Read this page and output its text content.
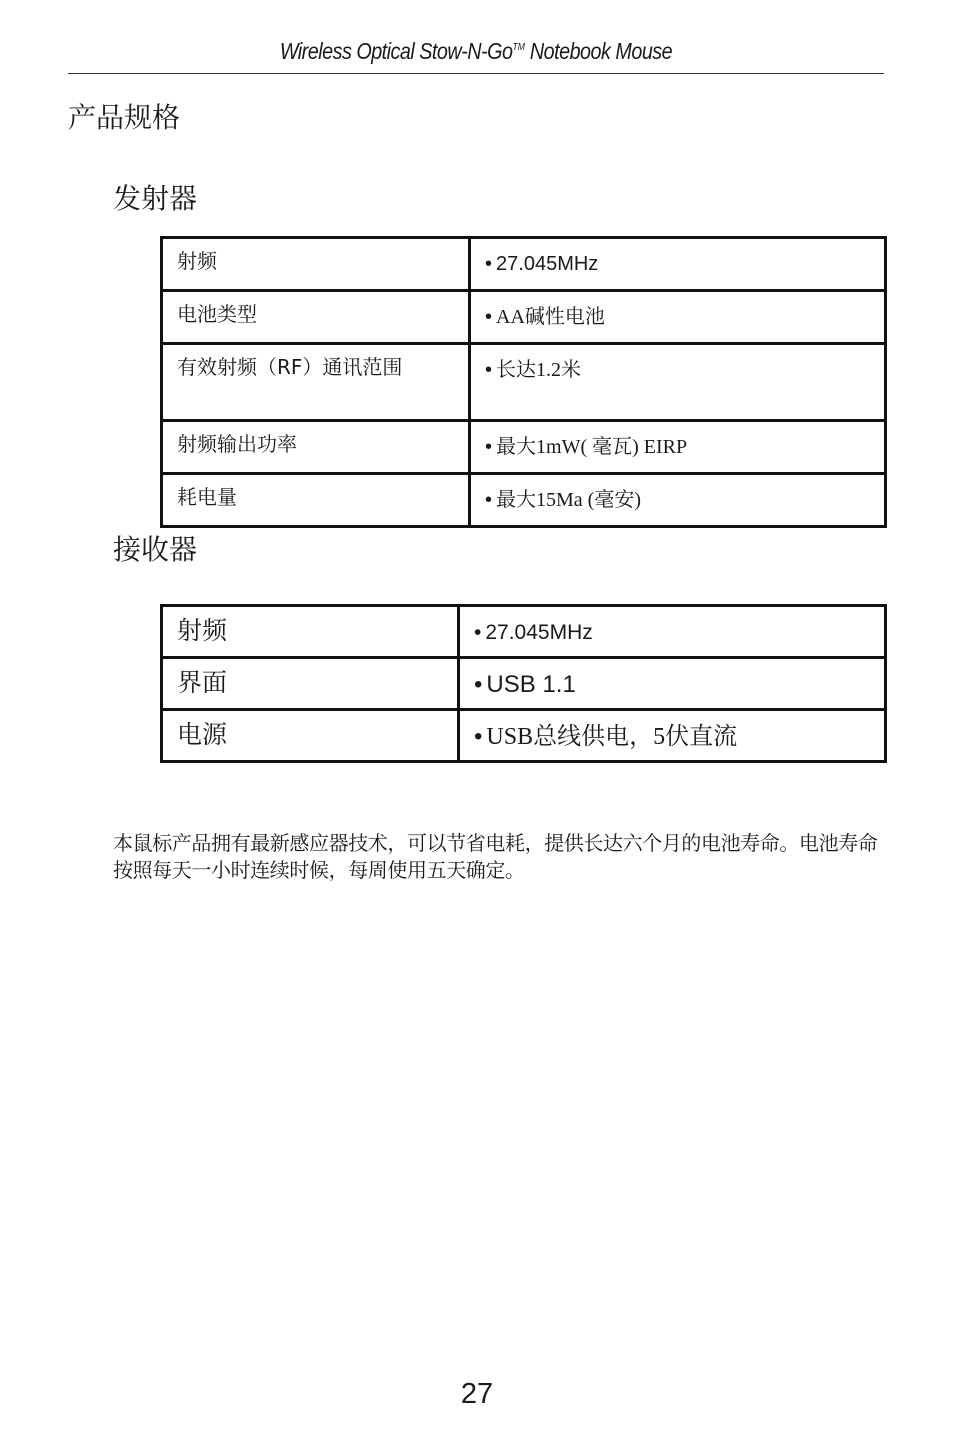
Wireless Optical Stow-N-Go™ Notebook Mouse
产品规格
发射器
射频	• 27.045MHz
电池类型	• AA碱性电池
有效射频（RF）通讯范围	• 长达1.2米
射频输出功率	• 最大1mW( 毫瓦) EIRP
耗电量	• 最大15Ma (毫安)
接收器
射频	• 27.045MHz
界面	• USB 1.1
电源	• USB总线供电，5伏直流

本鼠标产品拥有最新感应器技术，可以节省电耗，提供长达六个月的电池寿命。电池寿命按照每天一小时连续时候，每周使用五天确定。

27
